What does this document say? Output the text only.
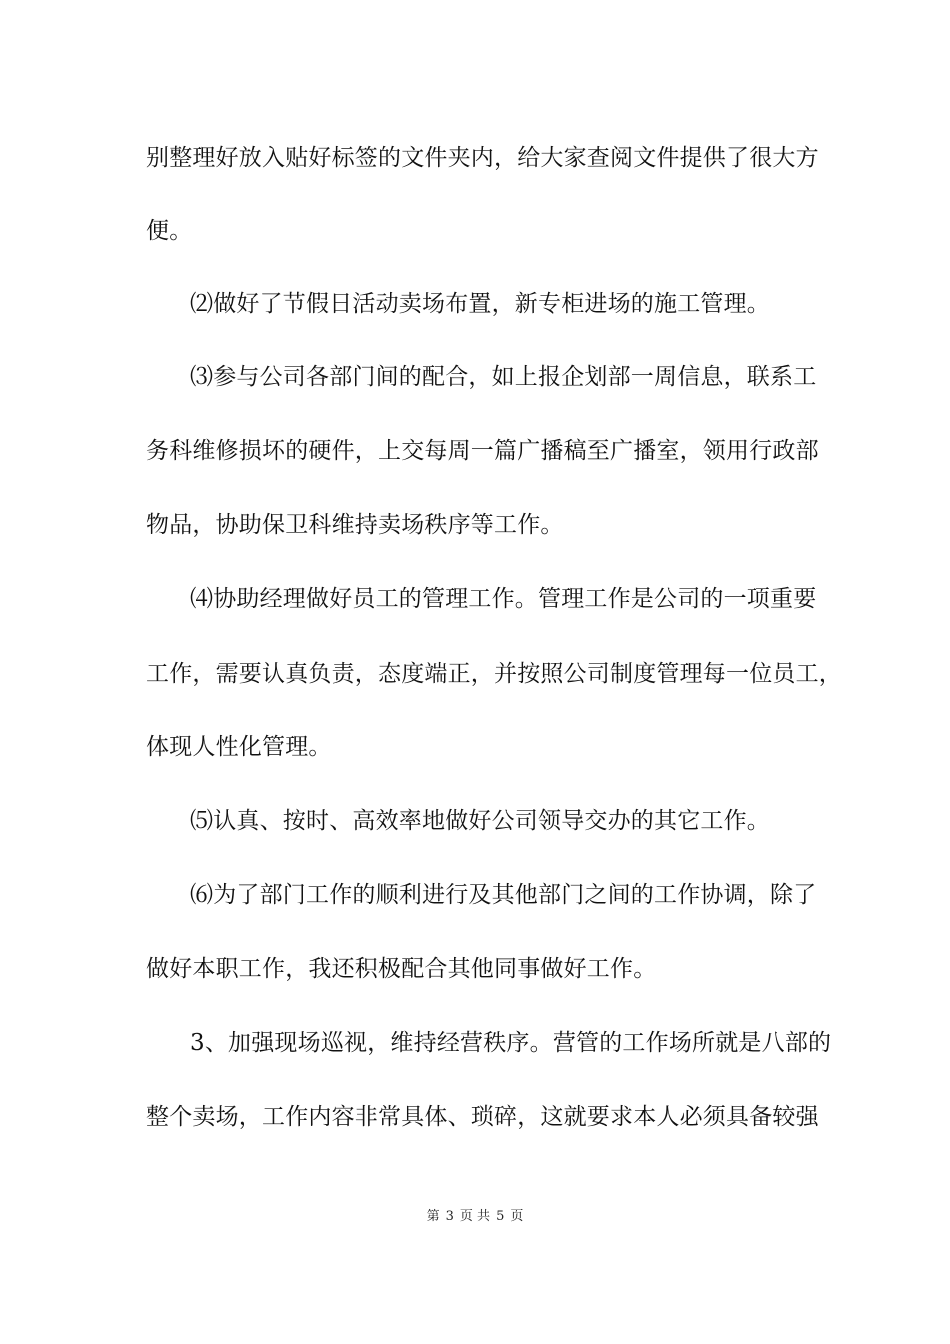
别整理好放入贴好标签的文件夹内，给大家查阅文件提供了很大方
便。
⑵做好了节假日活动卖场布置，新专柜进场的施工管理。
⑶参与公司各部门间的配合，如上报企划部一周信息，联系工
务科维修损坏的硬件，上交每周一篇广播稿至广播室，领用行政部
物品，协助保卫科维持卖场秩序等工作。
⑷协助经理做好员工的管理工作。管理工作是公司的一项重要
工作，需要认真负责，态度端正，并按照公司制度管理每一位员工，
体现人性化管理。
⑸认真、按时、高效率地做好公司领导交办的其它工作。
⑹为了部门工作的顺利进行及其他部门之间的工作协调，除了
做好本职工作，我还积极配合其他同事做好工作。
3、加强现场巡视，维持经营秩序。营管的工作场所就是八部的
整个卖场，工作内容非常具体、琐碎，这就要求本人必须具备较强
第 3 页 共 5 页
